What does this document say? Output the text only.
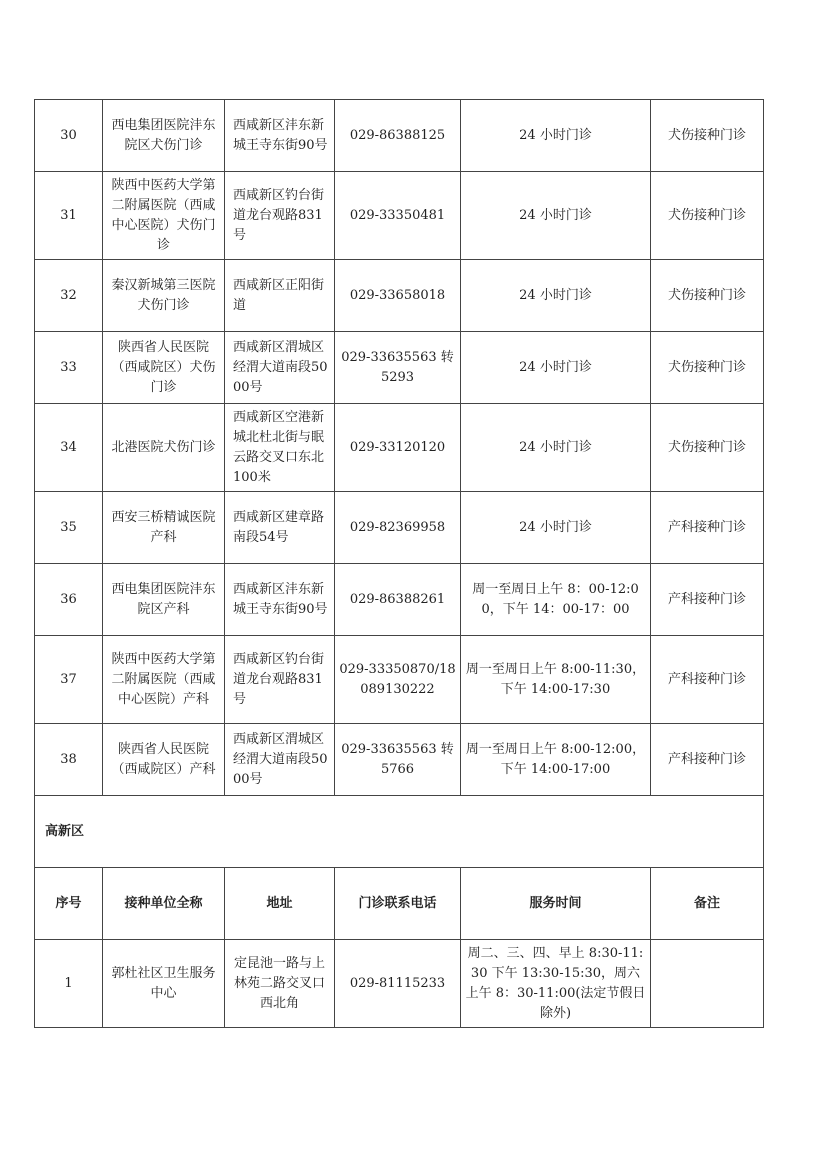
30	西电集团医院沣东院区犬伤门诊	西咸新区沣东新城王寺东街90号	029-86388125	24 小时门诊	犬伤接种门诊
31	陕西中医药大学第二附属医院（西咸中心医院）犬伤门诊	西咸新区钓台街道龙台观路831号	029-33350481	24 小时门诊	犬伤接种门诊
32	秦汉新城第三医院犬伤门诊	西咸新区正阳街道	029-33658018	24 小时门诊	犬伤接种门诊
33	陕西省人民医院（西咸院区）犬伤门诊	西咸新区渭城区经渭大道南段5000号	029-33635563 转 5293	24 小时门诊	犬伤接种门诊
34	北港医院犬伤门诊	西咸新区空港新城北杜北街与眠云路交叉口东北100米	029-33120120	24 小时门诊	犬伤接种门诊
35	西安三桥精诚医院产科	西咸新区建章路南段54号	029-82369958	24 小时门诊	产科接种门诊
36	西电集团医院沣东院区产科	西咸新区沣东新城王寺东街90号	029-86388261	周一至周日上午 8：00-12:00，下午 14：00-17：00	产科接种门诊
37	陕西中医药大学第二附属医院（西咸中心医院）产科	西咸新区钓台街道龙台观路831号	029-33350870/18089130222	周一至周日上午 8:00-11:30，下午 14:00-17:30	产科接种门诊
38	陕西省人民医院（西咸院区）产科	西咸新区渭城区经渭大道南段5000号	029-33635563 转 5766	周一至周日上午 8:00-12:00，下午 14:00-17:00	产科接种门诊
高新区					
序号	接种单位全称	地址	门诊联系电话	服务时间	备注
1	郭杜社区卫生服务中心	定昆池一路与上林苑二路交叉口西北角	029-81115233	周二、三、四、早上 8:30-11:30 下午 13:30-15:30，周六上午 8：30-11:00(法定节假日除外)	
